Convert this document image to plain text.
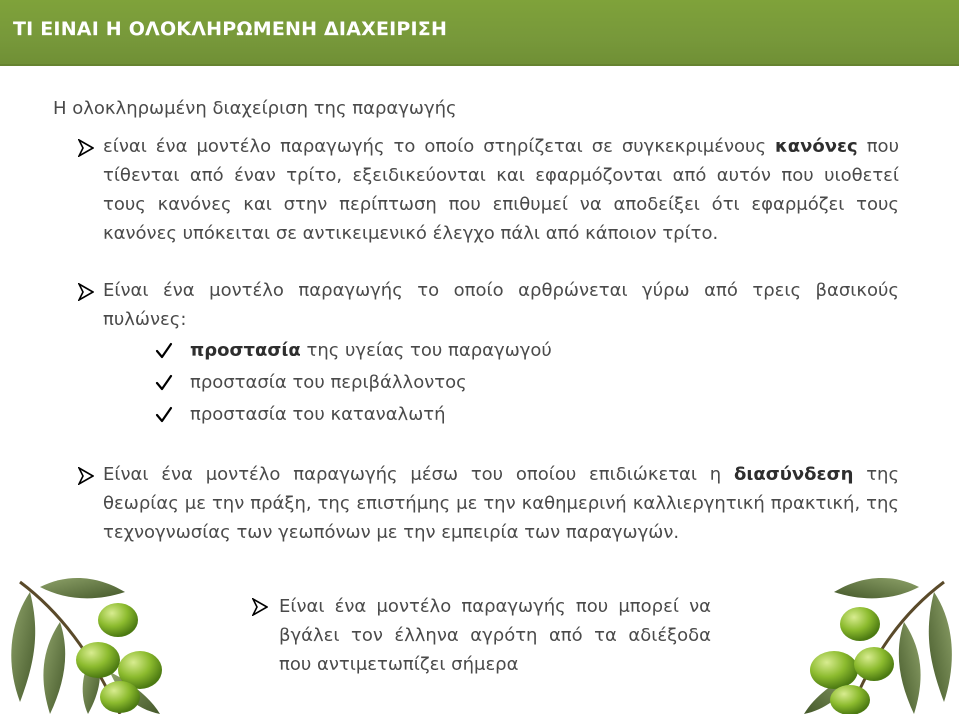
ΤΙ ΕΙΝΑΙ Η ΟΛΟΚΛΗΡΩΜΕΝΗ ΔΙΑΧΕΙΡΙΣΗ
Η ολοκληρωμένη διαχείριση της παραγωγής
είναι ένα μοντέλο παραγωγής το οποίο στηρίζεται σε συγκεκριμένους κανόνες που τίθενται από έναν τρίτο, εξειδικεύονται και εφαρμόζονται από αυτόν που υιοθετεί τους κανόνες και στην περίπτωση που επιθυμεί να αποδείξει ότι εφαρμόζει τους κανόνες υπόκειται σε αντικειμενικό έλεγχο πάλι από κάποιον τρίτο.
Είναι ένα μοντέλο παραγωγής το οποίο αρθρώνεται γύρω από τρεις βασικούς πυλώνες:
προστασία της υγείας του παραγωγού
προστασία του περιβάλλοντος
προστασία του καταναλωτή
Είναι ένα μοντέλο παραγωγής μέσω του οποίου επιδιώκεται η διασύνδεση της θεωρίας με την πράξη, της επιστήμης με την καθημερινή καλλιεργητική πρακτική, της τεχνογνωσίας των γεωπόνων με την εμπειρία των παραγωγών.
Είναι ένα μοντέλο παραγωγής που μπορεί να βγάλει τον έλληνα αγρότη από τα αδιέξοδα που αντιμετωπίζει σήμερα
